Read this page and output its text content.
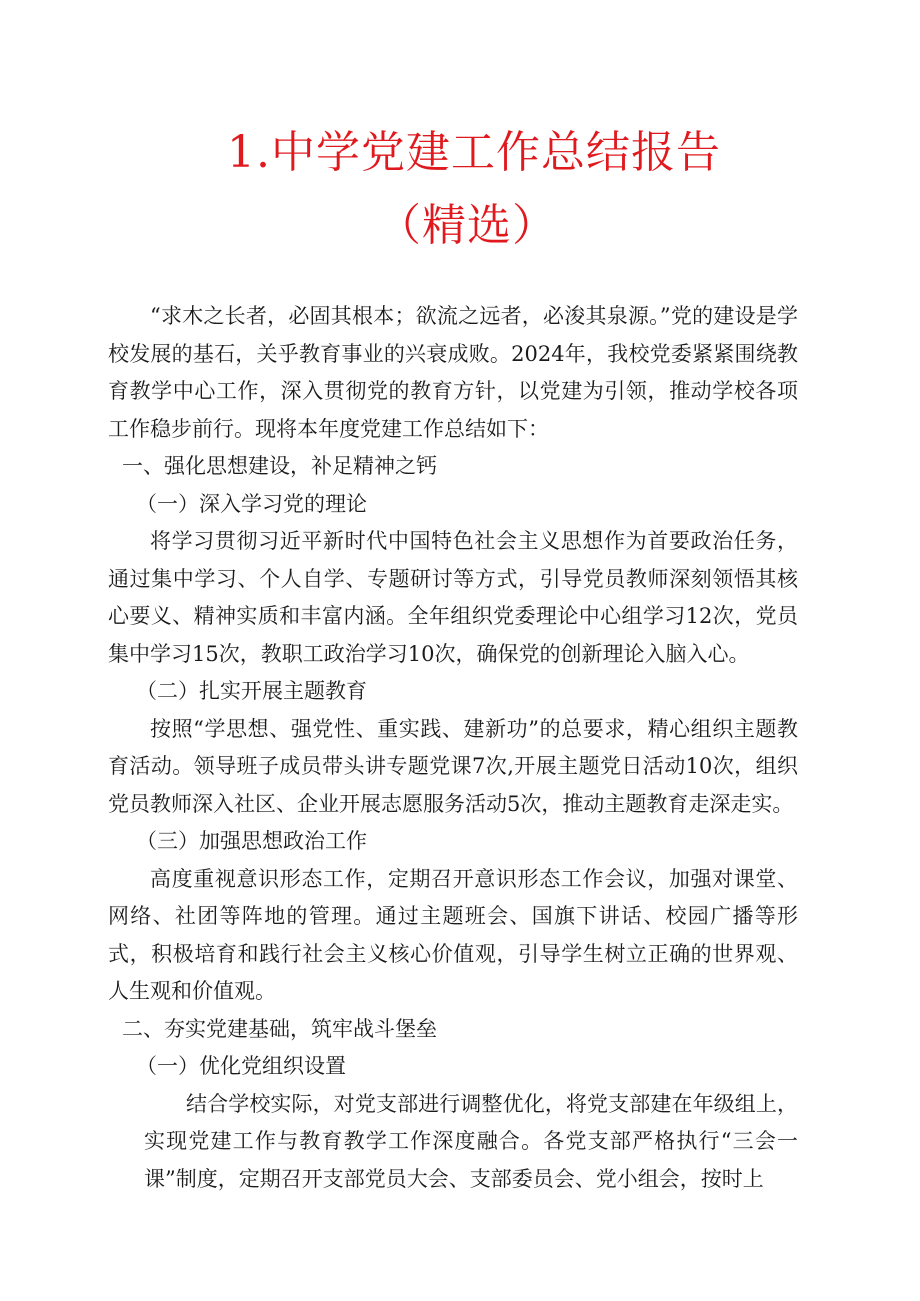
1.中学党建工作总结报告
（精选）

“求木之长者，必固其根本；欲流之远者，必浚其泉源。”党的建设是学校发展的基石，关乎教育事业的兴衰成败。2024年，我校党委紧紧围绕教育教学中心工作，深入贯彻党的教育方针，以党建为引领，推动学校各项工作稳步前行。现将本年度党建工作总结如下：

一、强化思想建设，补足精神之钙

（一）深入学习党的理论

将学习贯彻习近平新时代中国特色社会主义思想作为首要政治任务，通过集中学习、个人自学、专题研讨等方式，引导党员教师深刻领悟其核心要义、精神实质和丰富内涵。全年组织党委理论中心组学习12次，党员集中学习15次，教职工政治学习10次，确保党的创新理论入脑入心。

（二）扎实开展主题教育

按照“学思想、强党性、重实践、建新功”的总要求，精心组织主题教育活动。领导班子成员带头讲专题党课7次,开展主题党日活动10次，组织党员教师深入社区、企业开展志愿服务活动5次，推动主题教育走深走实。

（三）加强思想政治工作

高度重视意识形态工作，定期召开意识形态工作会议，加强对课堂、网络、社团等阵地的管理。通过主题班会、国旗下讲话、校园广播等形式，积极培育和践行社会主义核心价值观，引导学生树立正确的世界观、人生观和价值观。

二、夯实党建基础，筑牢战斗堡垒

（一）优化党组织设置

结合学校实际，对党支部进行调整优化，将党支部建在年级组上，实现党建工作与教育教学工作深度融合。各党支部严格执行“三会一课”制度，定期召开支部党员大会、支部委员会、党小组会，按时上
